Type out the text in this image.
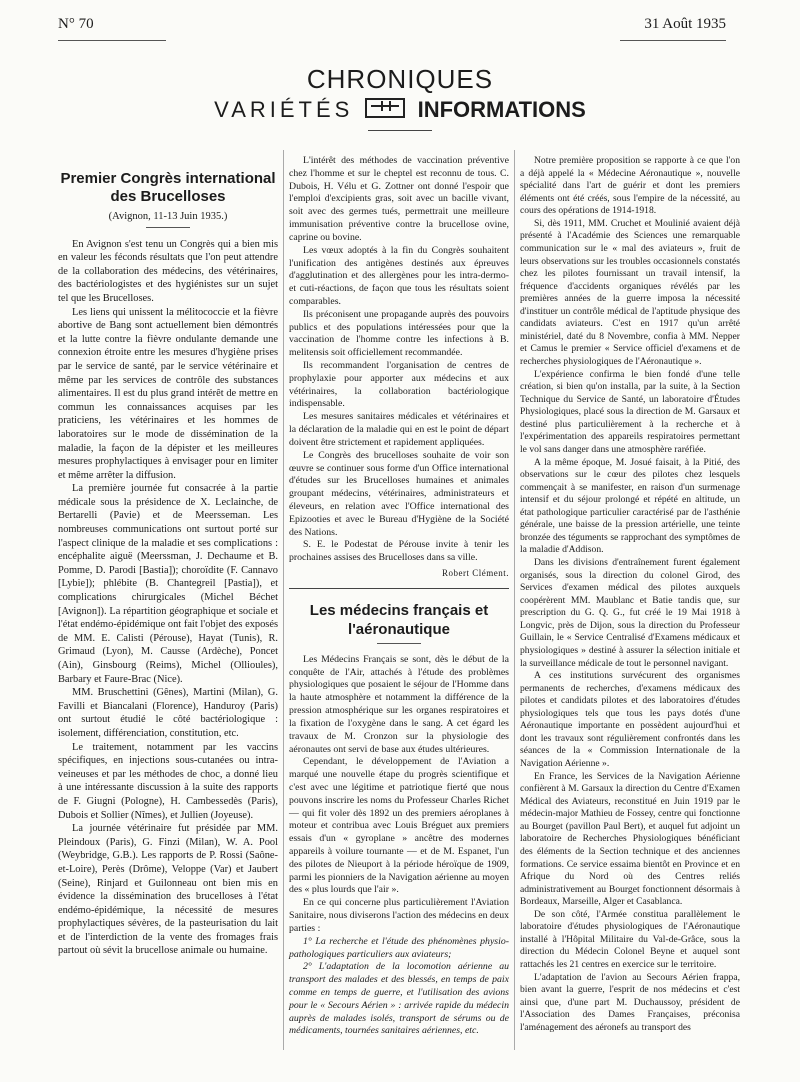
N° 70	31 Août 1935
CHRONIQUES
VARIÉTÉS	INFORMATIONS
Premier Congrès international des Brucelloses
(Avignon, 11-13 Juin 1935.)

En Avignon s'est tenu un Congrès qui a bien mis en valeur les féconds résultats que l'on peut attendre de la collaboration des médecins, des vétérinaires, des bactériologistes et des hygiénistes sur un sujet tel que les Brucelloses.

Les liens qui unissent la mélitococcie et la fièvre abortive de Bang sont actuellement bien démontrés et la lutte contre la fièvre ondulante demande une connexion étroite entre les mesures d'hygiène prises par le service de santé, par le service vétérinaire et même par les services de contrôle des substances alimentaires. Il est du plus grand intérêt de mettre en commun les connaissances acquises par les praticiens, les vétérinaires et les hommes de laboratoires sur le mode de dissémination de la maladie, la façon de la dépister et les meilleures mesures prophylactiques à envisager pour en limiter et même arrêter la diffusion.

La première journée fut consacrée à la partie médicale sous la présidence de X. Leclainche, de Bertarelli (Pavie) et de Meersseman. Les nombreuses communications ont surtout porté sur l'aspect clinique de la maladie et ses complications : encéphalite aiguë (Meerssman, J. Dechaume et B. Pomme, D. Parodi [Bastia]); choroïdite (F. Cannavo [Lybie]); phlébite (B. Chantegreil [Pastia]), et complications chirurgicales (Michel Béchet [Avignon]). La répartition géographique et sociale et l'état endémo-épidémique ont fait l'objet des exposés de MM. E. Calisti (Pérouse), Hayat (Tunis), R. Grimaud (Lyon), M. Causse (Ardèche), Poncet (Ain), Ginsbourg (Reims), Michel (Ollioules), Barbary et Faure-Brac (Nice).

MM. Bruschettini (Gênes), Martini (Milan), G. Favilli et Biancalani (Florence), Handuroy (Paris) ont surtout étudié le côté bactériologique : isolement, différenciation, constitution, etc.

Le traitement, notamment par les vaccins spécifiques, en injections sous-cutanées ou intra-veineuses et par les méthodes de choc, a donné lieu à une intéressante discussion à la suite des rapports de F. Giugni (Pologne), H. Cambessedès (Paris), Dubois et Sollier (Nîmes), et Jullien (Joyeuse).

La journée vétérinaire fut présidée par MM. Pleindoux (Paris), G. Finzi (Milan), W. A. Pool (Weybridge, G.B.). Les rapports de P. Rossi (Saône-et-Loire), Perès (Drôme), Veloppe (Var) et Jaubert (Seine), Rinjard et Guilonneau ont bien mis en évidence la dissémination des brucelloses à l'état endémo-épidémique, la nécessité de mesures prophylactiques sévères, de la pasteurisation du lait et de l'interdiction de la vente des fromages frais partout où sévit la brucellose animale ou humaine.

L'intérêt des méthodes de vaccination préventive chez l'homme et sur le cheptel est reconnu de tous. C. Dubois, H. Vélu et G. Zottner ont donné l'espoir que l'emploi d'excipients gras, soit avec un bacille vivant, soit avec des germes tués, permettrait une meilleure immunisation préventive contre la brucellose ovine, caprine ou bovine.

Les vœux adoptés à la fin du Congrès souhaitent l'unification des antigènes destinés aux épreuves d'agglutination et des allergènes pour les intra-dermo- et cuti-réactions, de façon que tous les résultats soient comparables.

Ils préconisent une propagande auprès des pouvoirs publics et des populations intéressées pour que la vaccination de l'homme contre les infections à B. melitensis soit officiellement recommandée.

Ils recommandent l'organisation de centres de prophylaxie pour apporter aux médecins et aux vétérinaires, la collaboration bactériologique indispensable.

Les mesures sanitaires médicales et vétérinaires et la déclaration de la maladie qui en est le point de départ doivent être strictement et rapidement appliquées.

Le Congrès des brucelloses souhaite de voir son œuvre se continuer sous forme d'un Office international d'études sur les Brucelloses humaines et animales groupant médecins, vétérinaires, administrateurs et éleveurs, en relation avec l'Office international des Epizooties et avec le Bureau d'Hygiène de la Société des Nations.

S. E. le Podestat de Pérouse invite à tenir les prochaines assises des Brucelloses dans sa ville.

Robert Clément.
Les médecins français et l'aéronautique

Les Médecins Français se sont, dès le début de la conquête de l'Air, attachés à l'étude des problèmes physiologiques que posaient le séjour de l'Homme dans la haute atmosphère et notamment la différence de la pression atmosphérique sur les organes respiratoires et la fixation de l'oxygène dans le sang. A cet égard les travaux de M. Cronzon sur la physiologie des aéronautes ont servi de base aux études ultérieures.

Cependant, le développement de l'Aviation a marqué une nouvelle étape du progrès scientifique et c'est avec une légitime et patriotique fierté que nous pouvons inscrire les noms du Professeur Charles Richet — qui fit voler dès 1892 un des premiers aéroplanes à moteur et contribua avec Louis Bréguet aux premiers essais d'un « gyroplane » ancêtre des modernes appareils à voilure tournante — et de M. Espanet, l'un des pilotes de Nieuport à la période héroïque de 1909, parmi les pionniers de la Navigation aérienne au moyen des « plus lourds que l'air ».

En ce qui concerne plus particulièrement l'Aviation Sanitaire, nous diviserons l'action des médecins en deux parties :

1° La recherche et l'étude des phénomènes physio-pathologiques particuliers aux aviateurs;

2° L'adaptation de la locomotion aérienne au transport des malades et des blessés, en temps de paix comme en temps de guerre, et l'utilisation des avions pour le « Secours Aérien » : arrivée rapide du médecin auprès de malades isolés, transport de sérums ou de médicaments, tournées sanitaires aériennes, etc.

Notre première proposition se rapporte à ce que l'on a déjà appelé la « Médecine Aéronautique », nouvelle spécialité dans l'art de guérir et dont les premiers éléments ont été créés, sous l'empire de la nécessité, au cours des opérations de 1914-1918.

Si, dès 1911, MM. Cruchet et Moulinié avaient déjà présenté à l'Académie des Sciences une remarquable communication sur le « mal des aviateurs », fruit de leurs observations sur les troubles occasionnels constatés chez les pilotes fournissant un travail intensif, la fréquence d'accidents organiques révélés par les premières années de la guerre imposa la nécessité d'instituer un contrôle médical de l'aptitude physique des candidats aviateurs. C'est en 1917 qu'un arrêté ministériel, daté du 8 Novembre, confia à MM. Nepper et Camus le premier « Service officiel d'examens et de recherches physiologiques de l'Aéronautique ».

L'expérience confirma le bien fondé d'une telle création, si bien qu'on installa, par la suite, à la Section Technique du Service de Santé, un laboratoire d'Études Physiologiques, placé sous la direction de M. Garsaux et destiné plus particulièrement à la recherche et à l'expérimentation des appareils respiratoires permettant le vol sans danger dans une atmosphère raréfiée.

A la même époque, M. Josué faisait, à la Pitié, des observations sur le cœur des pilotes chez lesquels commençait à se manifester, en raison d'un surmenage intensif et du séjour prolongé et répété en altitude, un état pathologique particulier caractérisé par de l'asthénie générale, une baisse de la pression artérielle, une teinte bronzée des téguments se rapprochant des symptômes de la maladie d'Addison.

Dans les divisions d'entraînement furent également organisés, sous la direction du colonel Girod, des Services d'examen médical des pilotes auxquels coopérèrent MM. Maublanc et Batie tandis que, sur prescription du G. Q. G., fut créé le 19 Mai 1918 à Longvic, près de Dijon, sous la direction du Professeur Guillain, le « Service Centralisé d'Examens médicaux et physiologiques » destiné à assurer la sélection initiale et la surveillance médicale de tout le personnel navigant.

A ces institutions survécurent des organismes permanents de recherches, d'examens médicaux des pilotes et candidats pilotes et des laboratoires d'études physiologiques tels que tous les pays dotés d'une Aéronautique importante en possèdent aujourd'hui et dont les travaux sont régulièrement confrontés dans les séances de la « Commission Internationale de la Navigation Aérienne ».

En France, les Services de la Navigation Aérienne confièrent à M. Garsaux la direction du Centre d'Examen Médical des Aviateurs, reconstitué en Juin 1919 par le médecin-major Mathieu de Fossey, centre qui fonctionne au Bourget (pavillon Paul Bert), et auquel fut adjoint un laboratoire de Recherches Physiologiques bénéficiant des éléments de la Section technique et des anciennes formations. Ce service essaima bientôt en Province et en Afrique du Nord où des Centres reliés administrativement au Bourget fonctionnent désormais à Bordeaux, Marseille, Alger et Casablanca.

De son côté, l'Armée constitua parallèlement le laboratoire d'études physiologiques de l'Aéronautique installé à l'Hôpital Militaire du Val-de-Grâce, sous la direction du Médecin Colonel Beyne et auquel sont rattachés les 21 centres en exercice sur le territoire.

L'adaptation de l'avion au Secours Aérien frappa, bien avant la guerre, l'esprit de nos médecins et c'est ainsi que, d'une part M. Duchaussoy, président de l'Association des Dames Françaises, préconisa l'aménagement des aéronefs au transport des
